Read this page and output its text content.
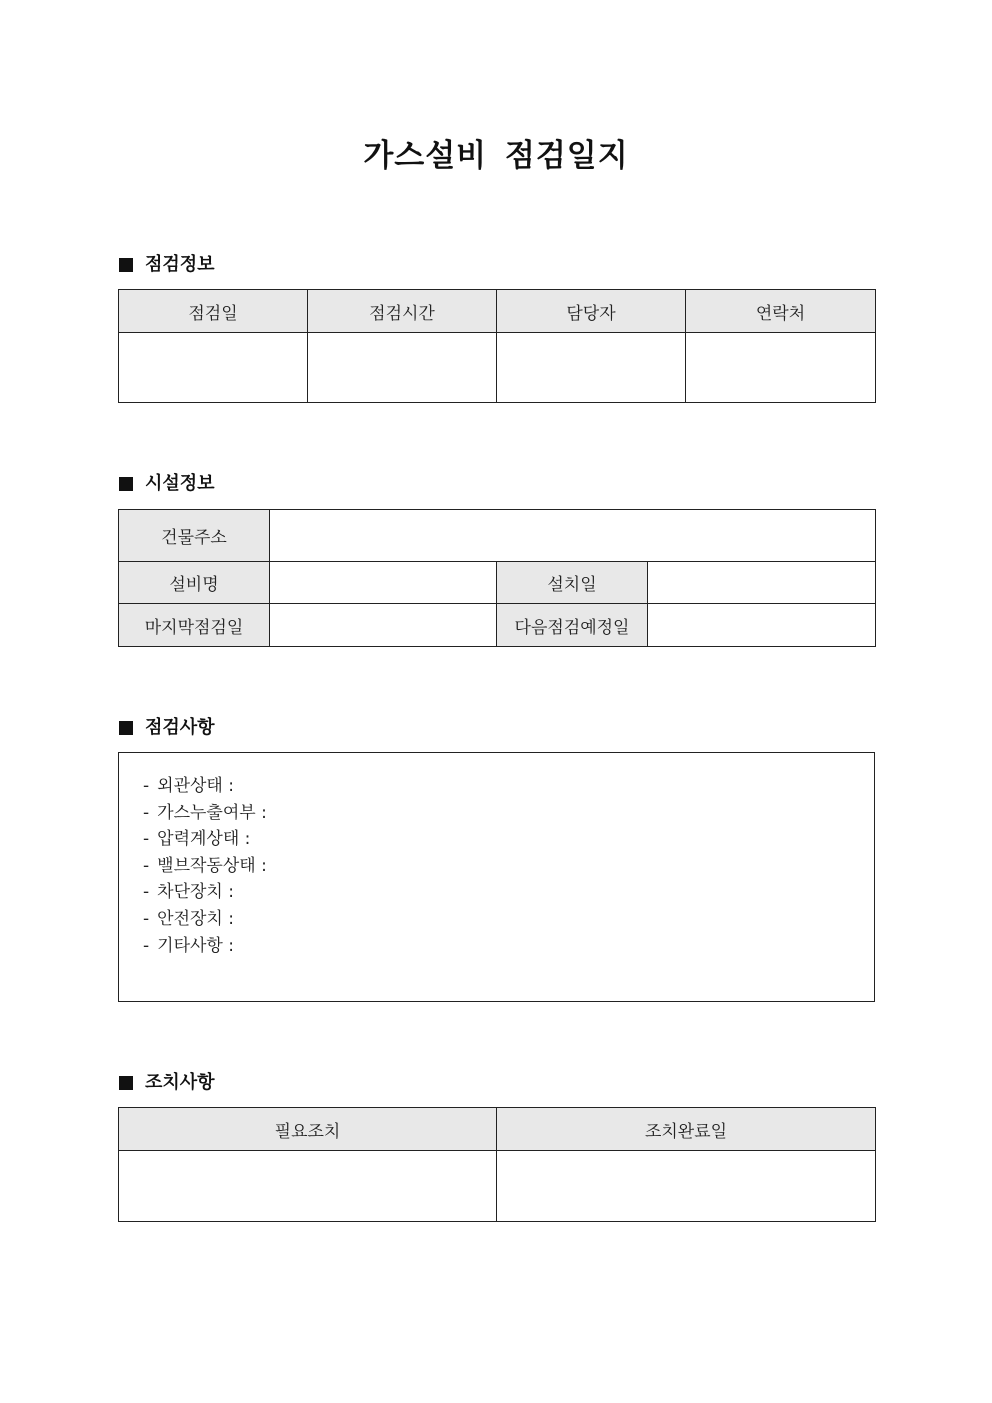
가스설비 점검일지
점검정보
점검일	점검시간	담당자	연락처

시설정보
건물주소			
설비명		설치일	
마지막점검일		다음점검예정일	
점검사항
- 외관상태 :
- 가스누출여부 :
- 압력계상태 :
- 밸브작동상태 :
- 차단장치 :
- 안전장치 :
- 기타사항 :
조치사항
필요조치	조치완료일
